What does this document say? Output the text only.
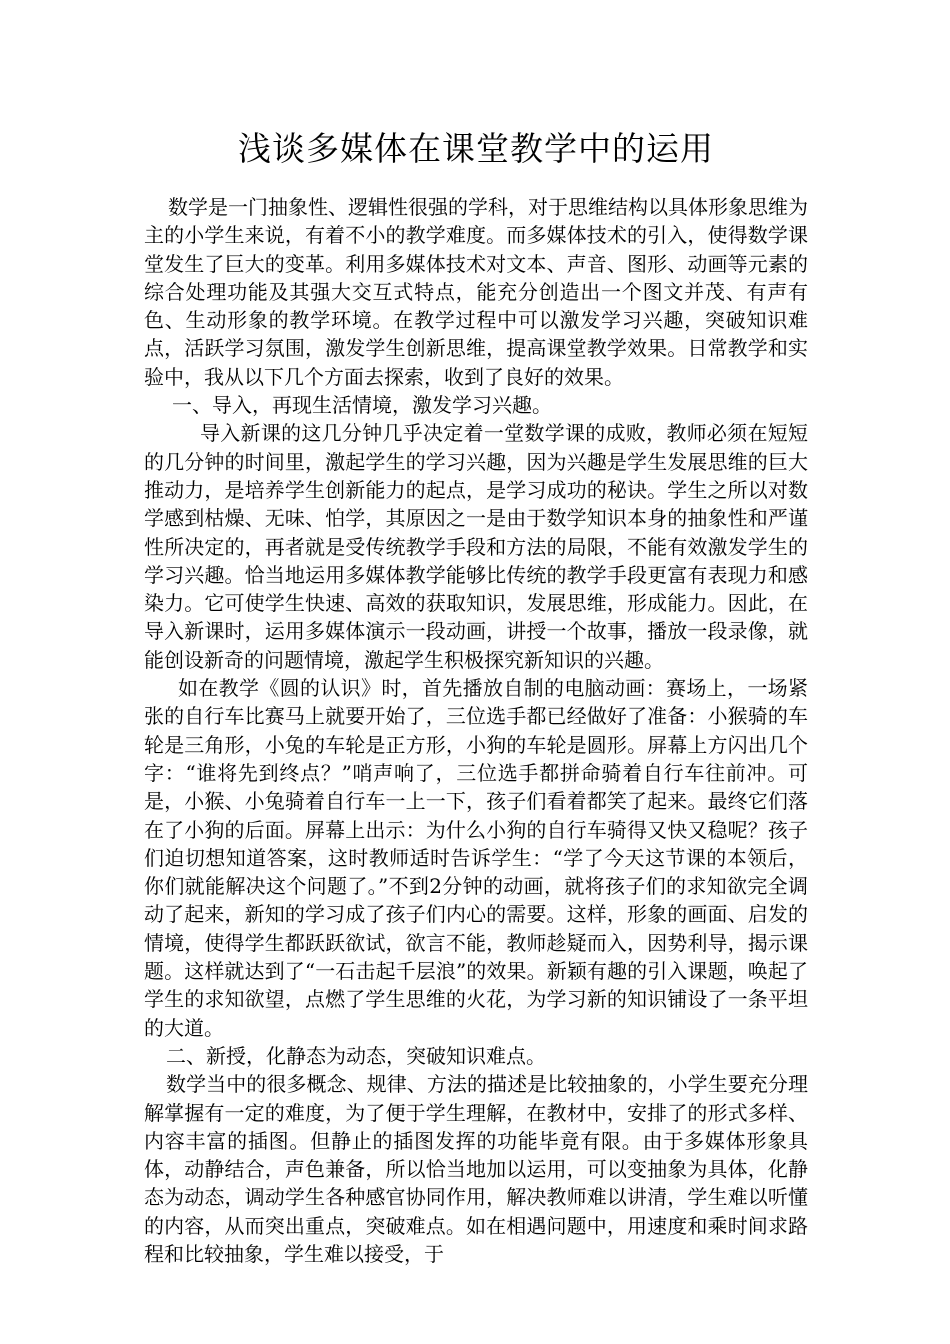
浅谈多媒体在课堂教学中的运用

数学是一门抽象性、逻辑性很强的学科，对于思维结构以具体形象思维为主的小学生来说，有着不小的教学难度。而多媒体技术的引入，使得数学课堂发生了巨大的变革。利用多媒体技术对文本、声音、图形、动画等元素的综合处理功能及其强大交互式特点，能充分创造出一个图文并茂、有声有色、生动形象的教学环境。在教学过程中可以激发学习兴趣，突破知识难点，活跃学习氛围，激发学生创新思维，提高课堂教学效果。日常教学和实验中，我从以下几个方面去探索，收到了良好的效果。

一、导入，再现生活情境，激发学习兴趣。

导入新课的这几分钟几乎决定着一堂数学课的成败，教师必须在短短的几分钟的时间里，激起学生的学习兴趣，因为兴趣是学生发展思维的巨大推动力，是培养学生创新能力的起点，是学习成功的秘诀。学生之所以对数学感到枯燥、无味、怕学，其原因之一是由于数学知识本身的抽象性和严谨性所决定的，再者就是受传统教学手段和方法的局限，不能有效激发学生的学习兴趣。恰当地运用多媒体教学能够比传统的教学手段更富有表现力和感染力。它可使学生快速、高效的获取知识，发展思维，形成能力。因此，在导入新课时，运用多媒体演示一段动画，讲授一个故事，播放一段录像，就能创设新奇的问题情境，激起学生积极探究新知识的兴趣。

如在教学《圆的认识》时，首先播放自制的电脑动画：赛场上，一场紧张的自行车比赛马上就要开始了，三位选手都已经做好了准备：小猴骑的车轮是三角形，小兔的车轮是正方形，小狗的车轮是圆形。屏幕上方闪出几个字：“谁将先到终点？”哨声响了，三位选手都拼命骑着自行车往前冲。可是，小猴、小兔骑着自行车一上一下，孩子们看着都笑了起来。最终它们落在了小狗的后面。屏幕上出示：为什么小狗的自行车骑得又快又稳呢？孩子们迫切想知道答案，这时教师适时告诉学生：“学了今天这节课的本领后，你们就能解决这个问题了。”不到2分钟的动画，就将孩子们的求知欲完全调动了起来，新知的学习成了孩子们内心的需要。这样，形象的画面、启发的情境，使得学生都跃跃欲试，欲言不能，教师趁疑而入，因势利导，揭示课题。这样就达到了“一石击起千层浪”的效果。新颖有趣的引入课题，唤起了学生的求知欲望，点燃了学生思维的火花，为学习新的知识铺设了一条平坦的大道。

二、新授，化静态为动态，突破知识难点。

数学当中的很多概念、规律、方法的描述是比较抽象的，小学生要充分理解掌握有一定的难度，为了便于学生理解，在教材中，安排了的形式多样、内容丰富的插图。但静止的插图发挥的功能毕竟有限。由于多媒体形象具体，动静结合，声色兼备，所以恰当地加以运用，可以变抽象为具体，化静态为动态，调动学生各种感官协同作用，解决教师难以讲清，学生难以听懂的内容，从而突出重点，突破难点。如在相遇问题中，用速度和乘时间求路程和比较抽象，学生难以接受，于
